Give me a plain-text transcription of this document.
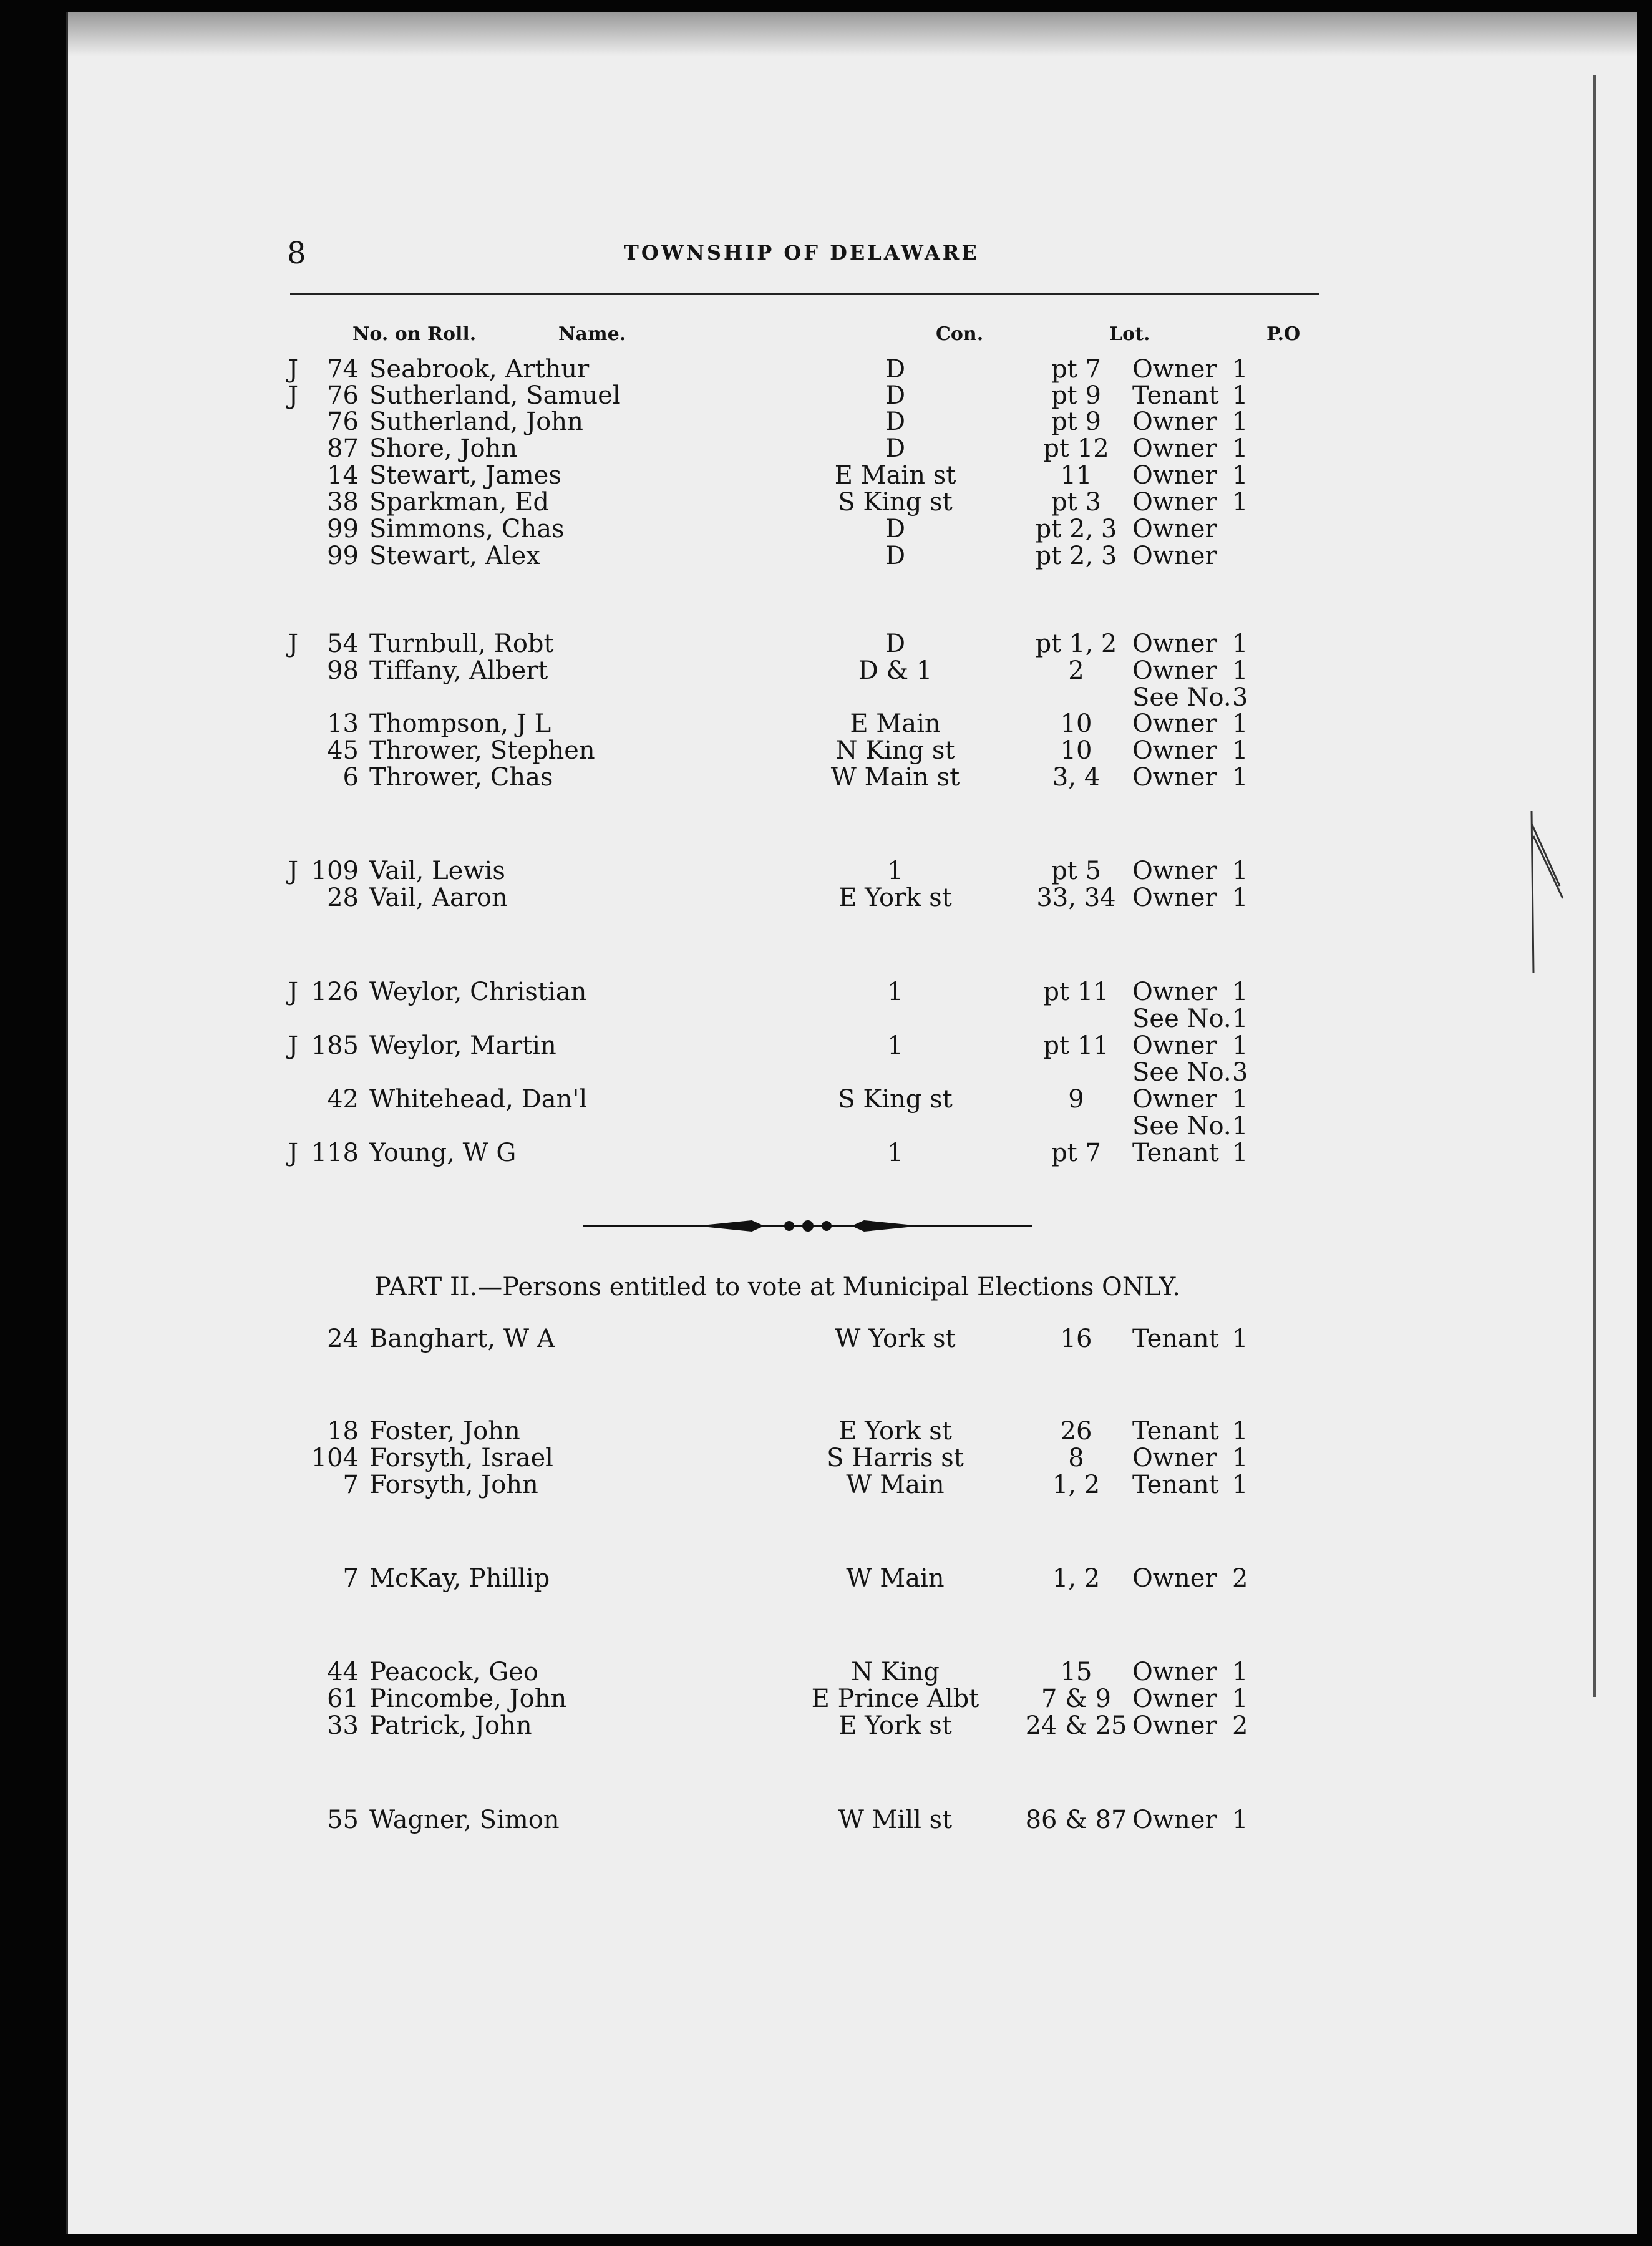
8	TOWNSHIP OF DELAWARE
No. on Roll.	Name.	Con.	Lot.	P.O
J	74 Seabrook, Arthur	D	pt 7	Owner 1
J	76 Sutherland, Samuel	D	pt 9	Tenant 1
76 Sutherland, John	D	pt 9	Owner 1
87 Shore, John	D	pt 12 Owner 1
14 Stewart, James	E Main st	11	Owner 1
38 Sparkman, Ed	S King st	pt 3	Owner 1
99 Simmons, Chas	D	pt 2, 3 Owner
99 Stewart, Alex	D	pt 2, 3 Owner
J	54 Turnbull, Robt	D	pt 1, 2 Owner 1
98 Tiffany, Albert	D & 1	2	Owner 1
See No. 3
13 Thompson, J L	E Main	10	Owner 1
45 Thrower, Stephen	N King st	10	Owner 1
6 Thrower, Chas	W Main st	3, 4	Owner 1
J 109 Vail, Lewis	1	pt 5	Owner 1
28 Vail, Aaron	E York st	33, 34 Owner 1
J 126 Weylor, Christian	1	pt 11 Owner 1
See No. 1
J 185 Weylor, Martin	1	pt 11 Owner 1
See No. 3
42 Whitehead, Dan'l	S King st	9	Owner 1
See No. 1
J 118 Young, W G	1	pt 7	Tenant 1
PART II.—Persons entitled to vote at Municipal Elections ONLY.
24 Banghart, W A	W York st	16	Tenant 1
18 Foster, John	E York st	26	Tenant 1
104 Forsyth, Israel	S Harris st	8	Owner 1
7 Forsyth, John	W Main	1, 2	Tenant 1
7 McKay, Phillip	W Main	1, 2	Owner 2
44 Peacock, Geo	N King	15	Owner 1
61 Pincombe, John	E Prince Albt	7 & 9 Owner 1
33 Patrick, John	E York st	24 & 25 Owner 2
55 Wagner, Simon	W Mill st	86 & 87 Owner 1
